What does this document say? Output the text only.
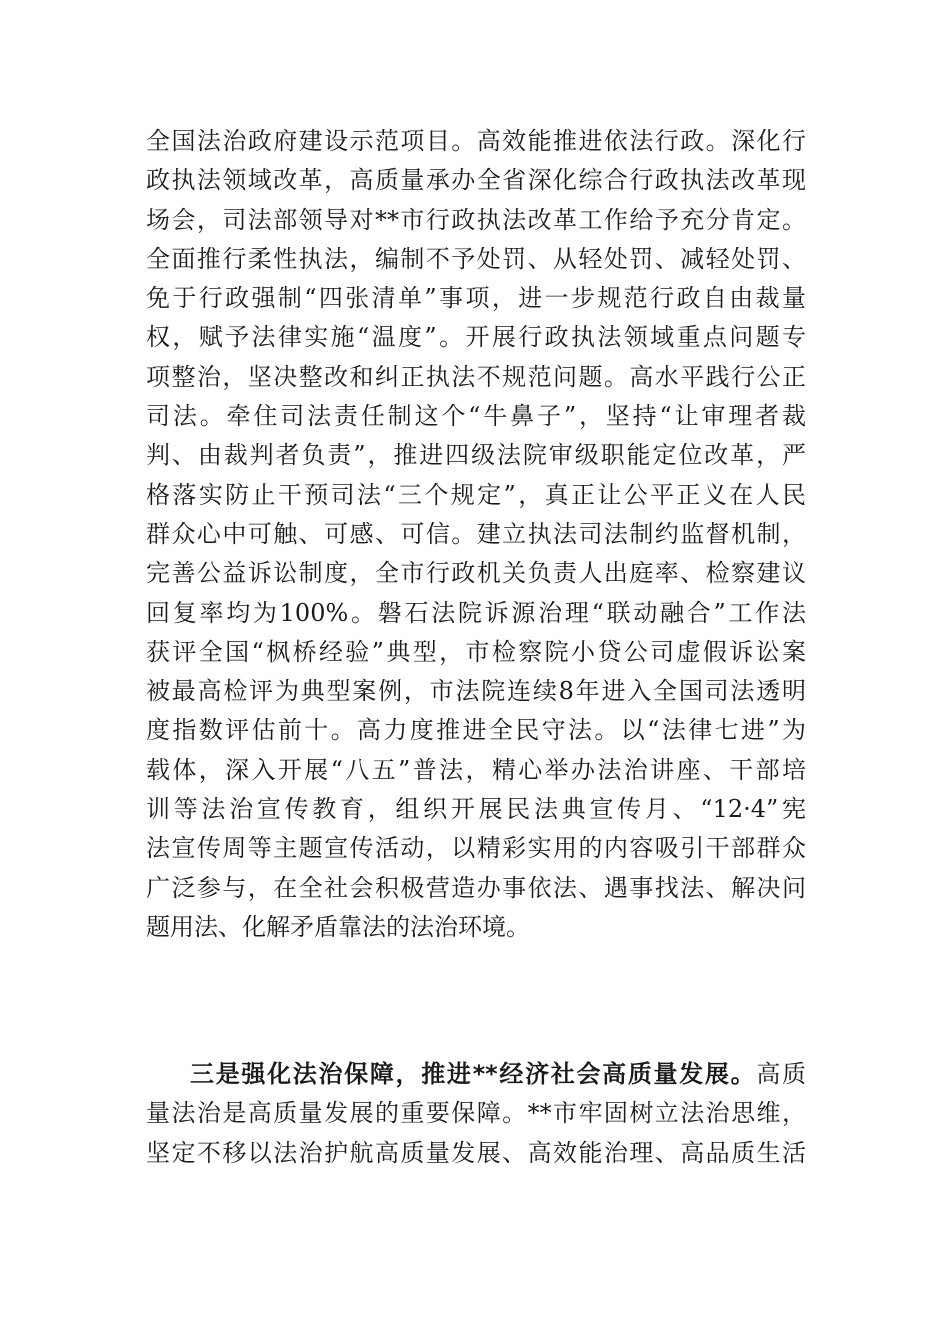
全国法治政府建设示范项目。高效能推进依法行政。深化行
政执法领域改革，高质量承办全省深化综合行政执法改革现
场会，司法部领导对**市行政执法改革工作给予充分肯定。
全面推行柔性执法，编制不予处罚、从轻处罚、减轻处罚、
免于行政强制“四张清单”事项，进一步规范行政自由裁量
权，赋予法律实施“温度”。开展行政执法领域重点问题专
项整治，坚决整改和纠正执法不规范问题。高水平践行公正
司法。牵住司法责任制这个“牛鼻子”，坚持“让审理者裁
判、由裁判者负责”，推进四级法院审级职能定位改革，严
格落实防止干预司法“三个规定”，真正让公平正义在人民
群众心中可触、可感、可信。建立执法司法制约监督机制，
完善公益诉讼制度，全市行政机关负责人出庭率、检察建议
回复率均为100%。磐石法院诉源治理“联动融合”工作法
获评全国“枫桥经验”典型，市检察院小贷公司虚假诉讼案
被最高检评为典型案例，市法院连续8年进入全国司法透明
度指数评估前十。高力度推进全民守法。以“法律七进”为
载体，深入开展“八五”普法，精心举办法治讲座、干部培
训等法治宣传教育，组织开展民法典宣传月、“12·4”宪
法宣传周等主题宣传活动，以精彩实用的内容吸引干部群众
广泛参与，在全社会积极营造办事依法、遇事找法、解决问
题用法、化解矛盾靠法的法治环境。
三是强化法治保障，推进**经济社会高质量发展。高质
量法治是高质量发展的重要保障。**市牢固树立法治思维，
坚定不移以法治护航高质量发展、高效能治理、高品质生活
